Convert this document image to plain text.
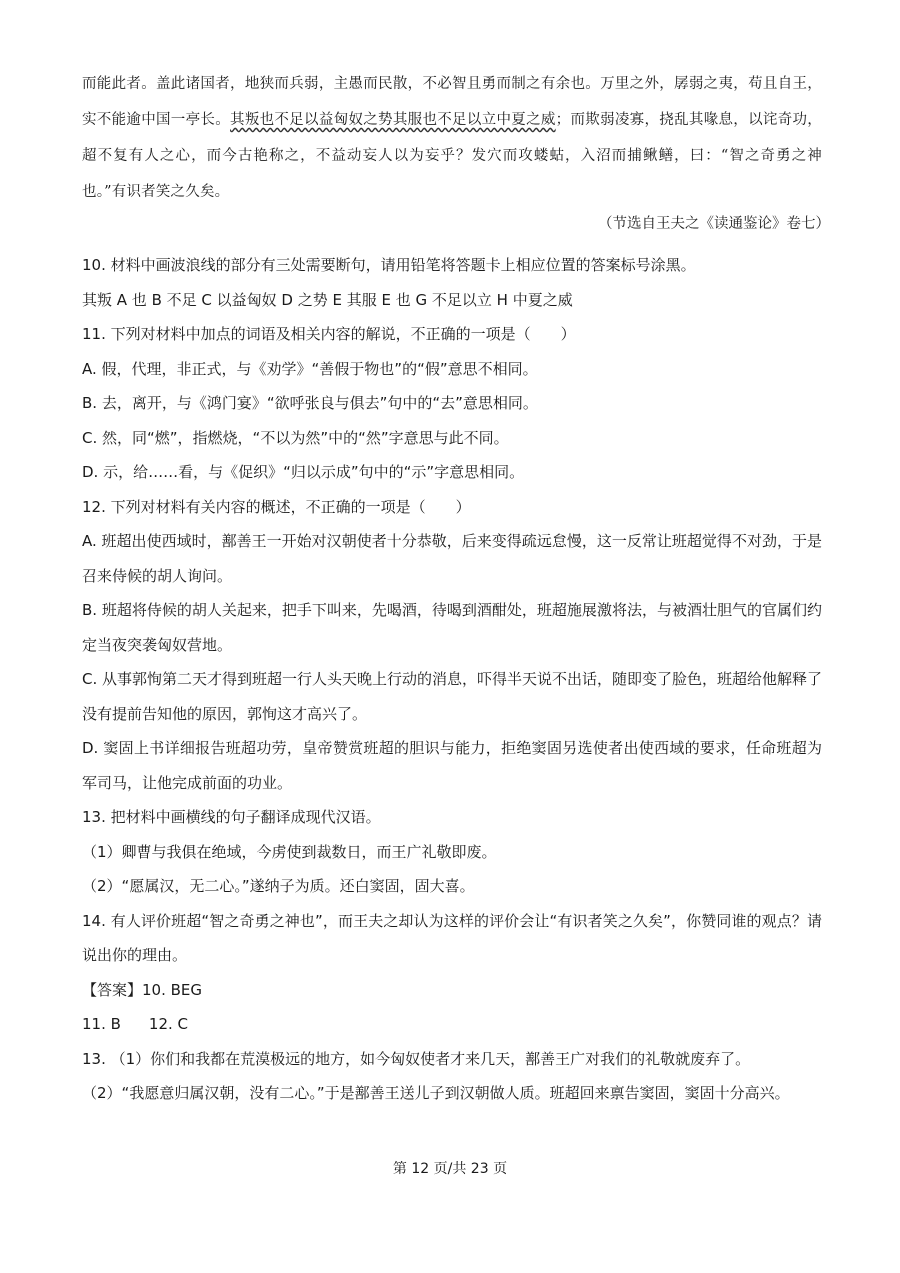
而能此者。盖此诸国者，地狭而兵弱，主愚而民散，不必智且勇而制之有余也。万里之外，孱弱之夷，苟且自王，实不能逾中国一亭长。其叛也不足以益匈奴之势其服也不足以立中夏之威；而欺弱凌寡，挠乱其喙息，以诧奇功，超不复有人之心，而今古艳称之，不益动妄人以为妄乎？发穴而攻蝼蛄，入沼而捕鳅鳝，曰：“智之奇勇之神也。”有识者笑之久矣。

（节选自王夫之《读通鉴论》卷七）

10. 材料中画波浪线的部分有三处需要断句，请用铅笔将答题卡上相应位置的答案标号涂黑。

其叛 A 也 B 不足 C 以益匈奴 D 之势 E 其服 E 也 G 不足以立 H 中夏之威

11. 下列对材料中加点的词语及相关内容的解说，不正确的一项是（　　）

A. 假，代理，非正式，与《劝学》“善假于物也”的“假”意思不相同。

B. 去，离开，与《鸿门宴》“欲呼张良与俱去”句中的“去”意思相同。

C. 然，同“燃”，指燃烧，“不以为然”中的“然”字意思与此不同。

D. 示，给……看，与《促织》“归以示成”句中的“示”字意思相同。

12. 下列对材料有关内容的概述，不正确的一项是（　　）

A. 班超出使西域时，鄯善王一开始对汉朝使者十分恭敬，后来变得疏远怠慢，这一反常让班超觉得不对劲，于是召来侍候的胡人询问。

B. 班超将侍候的胡人关起来，把手下叫来，先喝酒，待喝到酒酣处，班超施展激将法，与被酒壮胆气的官属们约定当夜突袭匈奴营地。

C. 从事郭恂第二天才得到班超一行人头天晚上行动的消息，吓得半天说不出话，随即变了脸色，班超给他解释了没有提前告知他的原因，郭恂这才高兴了。

D. 窦固上书详细报告班超功劳，皇帝赞赏班超的胆识与能力，拒绝窦固另选使者出使西域的要求，任命班超为军司马，让他完成前面的功业。

13. 把材料中画横线的句子翻译成现代汉语。

（1）卿曹与我俱在绝域，今虏使到裁数日，而王广礼敬即废。

（2）“愿属汉，无二心。”遂纳子为质。还白窦固，固大喜。

14. 有人评价班超“智之奇勇之神也”，而王夫之却认为这样的评价会让“有识者笑之久矣”，你赞同谁的观点？请说出你的理由。

【答案】10. BEG

11. B 12. C

13. （1）你们和我都在荒漠极远的地方，如今匈奴使者才来几天，鄯善王广对我们的礼敬就废弃了。

（2）“我愿意归属汉朝，没有二心。”于是鄯善王送儿子到汉朝做人质。班超回来禀告窦固，窦固十分高兴。

第 12 页/共 23 页
